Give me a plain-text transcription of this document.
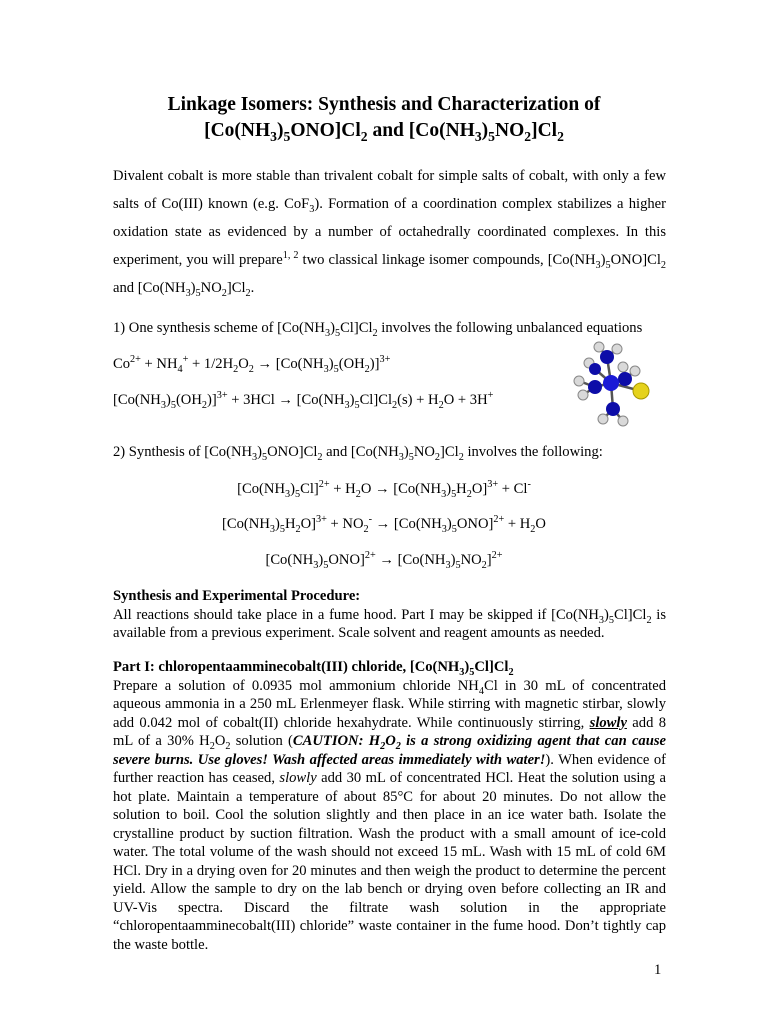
Linkage Isomers: Synthesis and Characterization of
$[Co(NH_3)_5ONO]Cl_2$ and $[Co(NH_3)_5NO_2]Cl_2$
Divalent cobalt is more stable than trivalent cobalt for simple salts of cobalt, with only a few salts of Co(III) known (e.g. CoF$_3$). Formation of a coordination complex stabilizes a higher oxidation state as evidenced by a number of octahedrally coordinated complexes. In this experiment, you will prepare$^{1, 2}$ two classical linkage isomer compounds, $[Co(NH_3)_5ONO]Cl_2$ and $[Co(NH_3)_5NO_2]Cl_2$.
1) One synthesis scheme of $[Co(NH_3)_5Cl]Cl_2$ involves the following unbalanced equations
$Co^{2+} + NH_4^+ + 1/2H_2O_2 \to [Co(NH_3)_5(OH_2)]^{3+}$
$[Co(NH_3)_5(OH_2)]^{3+} + 3HCl \to [Co(NH_3)_5Cl]Cl_2(s) + H_2O + 3H^+$
2) Synthesis of $[Co(NH_3)_5ONO]Cl_2$ and $[Co(NH_3)_5NO_2]Cl_2$ involves the following:
$[Co(NH_3)_5Cl]^{2+} + H_2O \to [Co(NH_3)_5H_2O]^{3+} + Cl^-$
$[Co(NH_3)_5H_2O]^{3+} + NO_2^- \to [Co(NH_3)_5ONO]^{2+} + H_2O$
$[Co(NH_3)_5ONO]^{2+} \to [Co(NH_3)_5NO_2]^{2+}$
Synthesis and Experimental Procedure:
All reactions should take place in a fume hood. Part I may be skipped if $[Co(NH_3)_5Cl]Cl_2$ is available from a previous experiment. Scale solvent and reagent amounts as needed.
Part I: chloropentaamminecobalt(III) chloride, $[Co(NH_3)_5Cl]Cl_2$
Prepare a solution of 0.0935 mol ammonium chloride $NH_4Cl$ in 30 mL of concentrated aqueous ammonia in a 250 mL Erlenmeyer flask. While stirring with magnetic stirbar, slowly add 0.042 mol of cobalt(II) chloride hexahydrate. While continuously stirring, slowly add 8 mL of a 30% $H_2O_2$ solution (CAUTION: $H_2O_2$ is a strong oxidizing agent that can cause severe burns. Use gloves! Wash affected areas immediately with water!). When evidence of further reaction has ceased, slowly add 30 mL of concentrated HCl. Heat the solution using a hot plate. Maintain a temperature of about 85°C for about 20 minutes. Do not allow the solution to boil. Cool the solution slightly and then place in an ice water bath. Isolate the crystalline product by suction filtration. Wash the product with a small amount of ice-cold water. The total volume of the wash should not exceed 15 mL. Wash with 15 mL of cold 6M HCl. Dry in a drying oven for 20 minutes and then weigh the product to determine the percent yield. Allow the sample to dry on the lab bench or drying oven before collecting an IR and UV-Vis spectra. Discard the filtrate wash solution in the appropriate “chloropentaamminecobalt(III) chloride” waste container in the fume hood. Don’t tightly cap the waste bottle.
1
